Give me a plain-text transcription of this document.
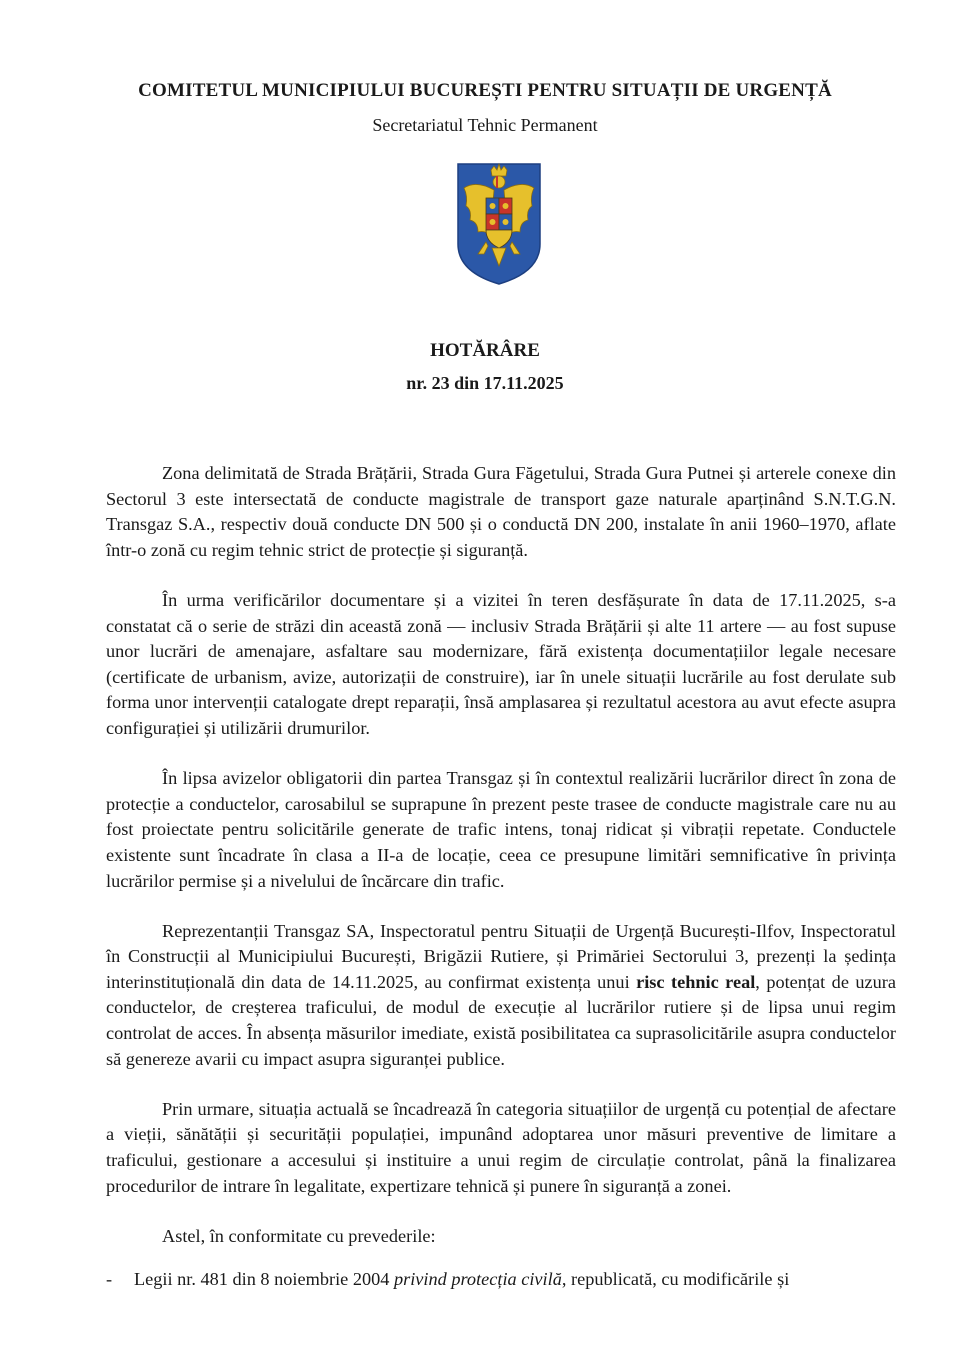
COMITETUL MUNICIPIULUI BUCUREȘTI PENTRU SITUAȚII DE URGENȚĂ
Secretariatul Tehnic Permanent
HOTĂRÂRE
nr. 23 din 17.11.2025

Zona delimitată de Strada Brățării, Strada Gura Făgetului, Strada Gura Putnei și arterele conexe din Sectorul 3 este intersectată de conducte magistrale de transport gaze naturale aparținând S.N.T.G.N. Transgaz S.A., respectiv două conducte DN 500 și o conductă DN 200, instalate în anii 1960–1970, aflate într-o zonă cu regim tehnic strict de protecție și siguranță.

În urma verificărilor documentare și a vizitei în teren desfășurate în data de 17.11.2025, s-a constatat că o serie de străzi din această zonă — inclusiv Strada Brățării și alte 11 artere — au fost supuse unor lucrări de amenajare, asfaltare sau modernizare, fără existența documentațiilor legale necesare (certificate de urbanism, avize, autorizații de construire), iar în unele situații lucrările au fost derulate sub forma unor intervenții catalogate drept reparații, însă amplasarea și rezultatul acestora au avut efecte asupra configurației și utilizării drumurilor.

În lipsa avizelor obligatorii din partea Transgaz și în contextul realizării lucrărilor direct în zona de protecție a conductelor, carosabilul se suprapune în prezent peste trasee de conducte magistrale care nu au fost proiectate pentru solicitările generate de trafic intens, tonaj ridicat și vibrații repetate. Conductele existente sunt încadrate în clasa a II-a de locație, ceea ce presupune limitări semnificative în privința lucrărilor permise și a nivelului de încărcare din trafic.

Reprezentanții Transgaz SA, Inspectoratul pentru Situații de Urgență București-Ilfov, Inspectoratul în Construcții al Municipiului București, Brigăzii Rutiere, și Primăriei Sectorului 3, prezenți la ședința interinstituțională din data de 14.11.2025, au confirmat existența unui risc tehnic real, potențat de uzura conductelor, de creșterea traficului, de modul de execuție al lucrărilor rutiere și de lipsa unui regim controlat de acces. În absența măsurilor imediate, există posibilitatea ca suprasolicitările asupra conductelor să genereze avarii cu impact asupra siguranței publice.

Prin urmare, situația actuală se încadrează în categoria situațiilor de urgență cu potențial de afectare a vieții, sănătății și securității populației, impunând adoptarea unor măsuri preventive de limitare a traficului, gestionare a accesului și instituire a unui regim de circulație controlat, până la finalizarea procedurilor de intrare în legalitate, expertizare tehnică și punere în siguranță a zonei.

Astel, în conformitate cu prevederile:

- Legii nr. 481 din 8 noiembrie 2004 privind protecția civilă, republicată, cu modificările și
